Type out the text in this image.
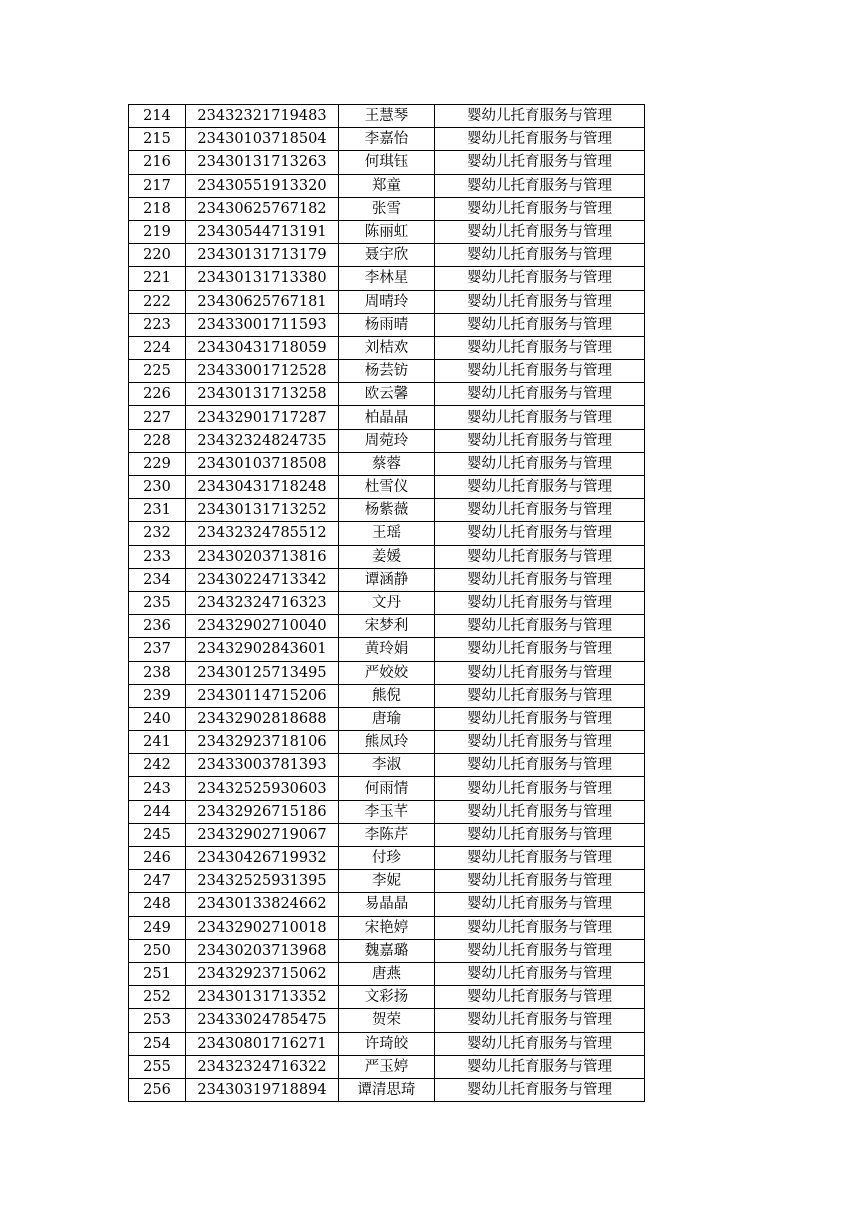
214	23432321719483	王慧琴	婴幼儿托育服务与管理
215	23430103718504	李嘉怡	婴幼儿托育服务与管理
216	23430131713263	何琪钰	婴幼儿托育服务与管理
217	23430551913320	郑童	婴幼儿托育服务与管理
218	23430625767182	张雪	婴幼儿托育服务与管理
219	23430544713191	陈丽虹	婴幼儿托育服务与管理
220	23430131713179	聂宇欣	婴幼儿托育服务与管理
221	23430131713380	李林星	婴幼儿托育服务与管理
222	23430625767181	周晴玲	婴幼儿托育服务与管理
223	23433001711593	杨雨晴	婴幼儿托育服务与管理
224	23430431718059	刘桔欢	婴幼儿托育服务与管理
225	23433001712528	杨芸钫	婴幼儿托育服务与管理
226	23430131713258	欧云馨	婴幼儿托育服务与管理
227	23432901717287	柏晶晶	婴幼儿托育服务与管理
228	23432324824735	周菀玲	婴幼儿托育服务与管理
229	23430103718508	蔡蓉	婴幼儿托育服务与管理
230	23430431718248	杜雪仪	婴幼儿托育服务与管理
231	23430131713252	杨紫薇	婴幼儿托育服务与管理
232	23432324785512	王瑶	婴幼儿托育服务与管理
233	23430203713816	姜媛	婴幼儿托育服务与管理
234	23430224713342	谭涵静	婴幼儿托育服务与管理
235	23432324716323	文丹	婴幼儿托育服务与管理
236	23432902710040	宋梦利	婴幼儿托育服务与管理
237	23432902843601	黄玲娟	婴幼儿托育服务与管理
238	23430125713495	严姣姣	婴幼儿托育服务与管理
239	23430114715206	熊倪	婴幼儿托育服务与管理
240	23432902818688	唐瑜	婴幼儿托育服务与管理
241	23432923718106	熊凤玲	婴幼儿托育服务与管理
242	23433003781393	李淑	婴幼儿托育服务与管理
243	23432525930603	何雨情	婴幼儿托育服务与管理
244	23432926715186	李玉芊	婴幼儿托育服务与管理
245	23432902719067	李陈芹	婴幼儿托育服务与管理
246	23430426719932	付珍	婴幼儿托育服务与管理
247	23432525931395	李妮	婴幼儿托育服务与管理
248	23430133824662	易晶晶	婴幼儿托育服务与管理
249	23432902710018	宋艳婷	婴幼儿托育服务与管理
250	23430203713968	魏嘉璐	婴幼儿托育服务与管理
251	23432923715062	唐燕	婴幼儿托育服务与管理
252	23430131713352	文彩扬	婴幼儿托育服务与管理
253	23433024785475	贺荣	婴幼儿托育服务与管理
254	23430801716271	许琦皎	婴幼儿托育服务与管理
255	23432324716322	严玉婷	婴幼儿托育服务与管理
256	23430319718894	谭清思琦	婴幼儿托育服务与管理
